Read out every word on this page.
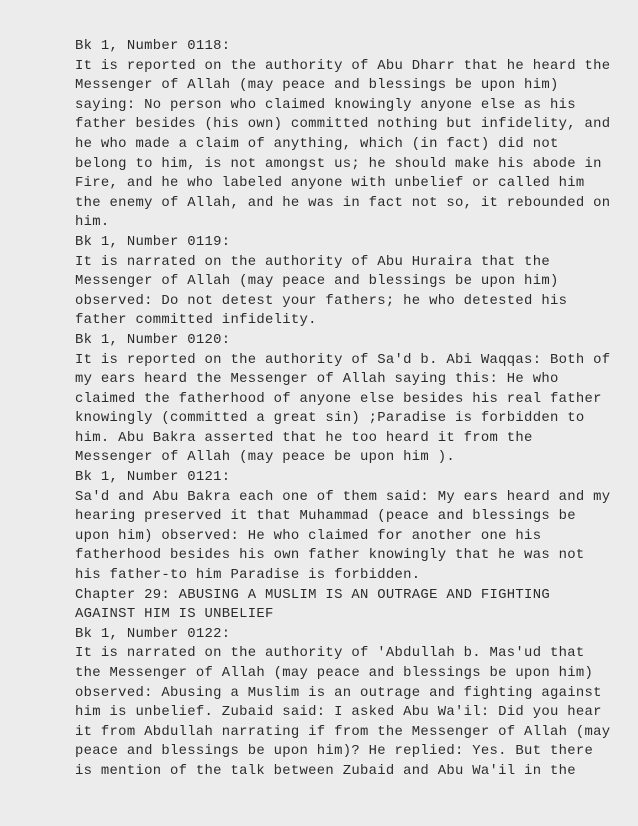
Bk 1, Number 0118:
It is reported on the authority of Abu Dharr that he heard the
Messenger of Allah (may peace and blessings be upon him)
saying: No person who claimed knowingly anyone else as his
father besides (his own) committed nothing but infidelity, and
he who made a claim of anything, which (in fact) did not
belong to him, is not amongst us; he should make his abode in
Fire, and he who labeled anyone with unbelief or called him
the enemy of Allah, and he was in fact not so, it rebounded on
him.
Bk 1, Number 0119:
It is narrated on the authority of Abu Huraira that the
Messenger of Allah (may peace and blessings be upon him)
observed: Do not detest your fathers; he who detested his
father committed infidelity.
Bk 1, Number 0120:
It is reported on the authority of Sa'd b. Abi Waqqas: Both of
my ears heard the Messenger of Allah saying this: He who
claimed the fatherhood of anyone else besides his real father
knowingly (committed a great sin) ;Paradise is forbidden to
him. Abu Bakra asserted that he too heard it from the
Messenger of Allah (may peace be upon him ).
Bk 1, Number 0121:
Sa'd and Abu Bakra each one of them said: My ears heard and my
hearing preserved it that Muhammad (peace and blessings be
upon him) observed: He who claimed for another one his
fatherhood besides his own father knowingly that he was not
his father-to him Paradise is forbidden.
Chapter 29: ABUSING A MUSLIM IS AN OUTRAGE AND FIGHTING
AGAINST HIM IS UNBELIEF
Bk 1, Number 0122:
It is narrated on the authority of 'Abdullah b. Mas'ud that
the Messenger of Allah (may peace and blessings be upon him)
observed: Abusing a Muslim is an outrage and fighting against
him is unbelief. Zubaid said: I asked Abu Wa'il: Did you hear
it from Abdullah narrating if from the Messenger of Allah (may
peace and blessings be upon him)? He replied: Yes. But there
is mention of the talk between Zubaid and Abu Wa'il in the
